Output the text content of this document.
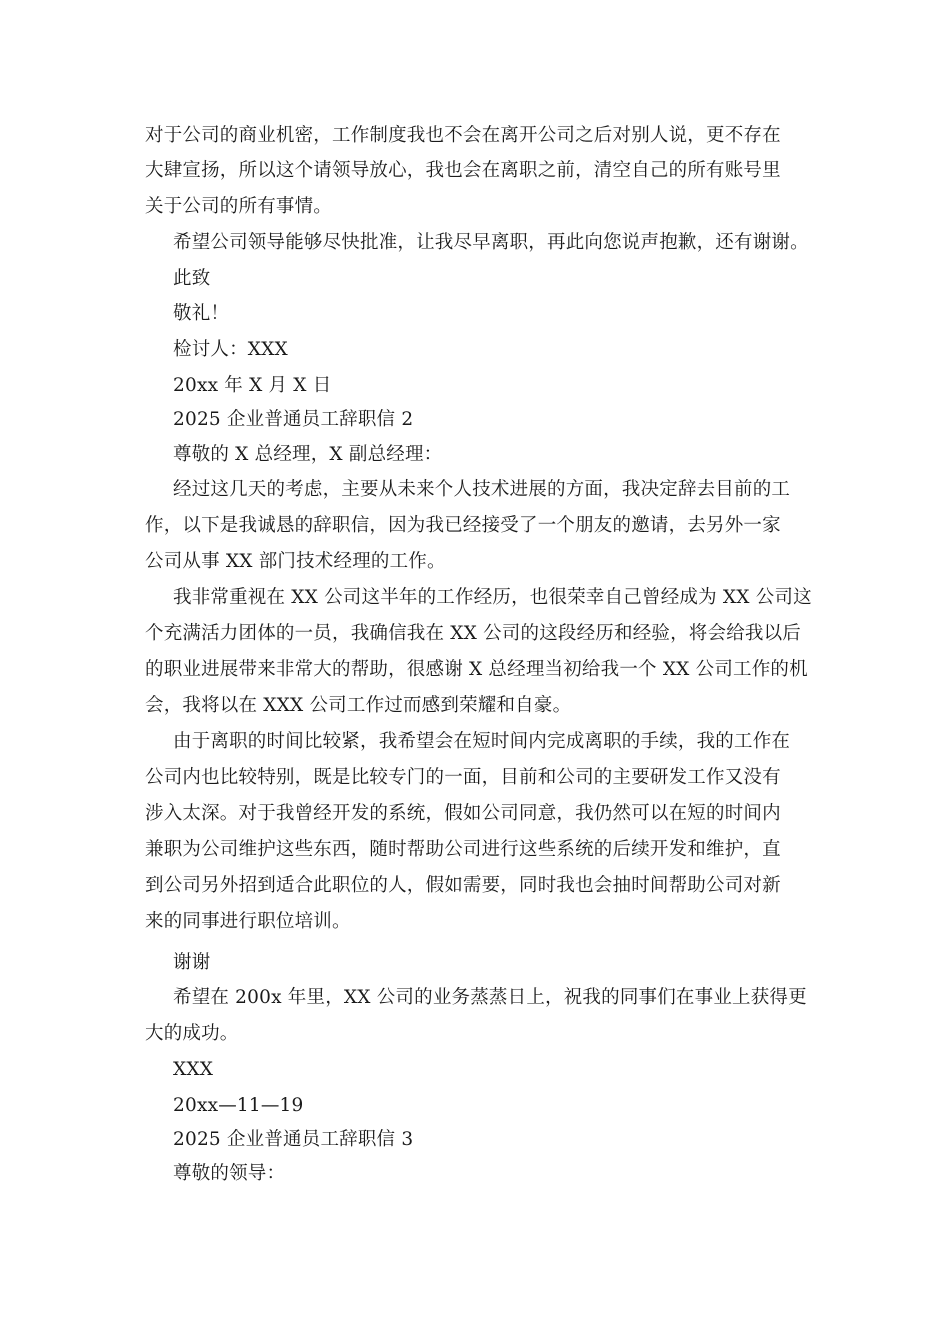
对于公司的商业机密，工作制度我也不会在离开公司之后对别人说，更不存在
大肆宣扬，所以这个请领导放心，我也会在离职之前，清空自己的所有账号里
关于公司的所有事情。
希望公司领导能够尽快批准，让我尽早离职，再此向您说声抱歉，还有谢谢。
此致
敬礼！
检讨人：XXX
20xx 年 X 月 X 日
2025 企业普通员工辞职信 2
尊敬的 X 总经理，X 副总经理：
经过这几天的考虑，主要从未来个人技术进展的方面，我决定辞去目前的工
作，以下是我诚恳的辞职信，因为我已经接受了一个朋友的邀请，去另外一家
公司从事 XX 部门技术经理的工作。
我非常重视在 XX 公司这半年的工作经历，也很荣幸自己曾经成为 XX 公司这
个充满活力团体的一员，我确信我在 XX 公司的这段经历和经验，将会给我以后
的职业进展带来非常大的帮助，很感谢 X 总经理当初给我一个 XX 公司工作的机
会，我将以在 XXX 公司工作过而感到荣耀和自豪。
由于离职的时间比较紧，我希望会在短时间内完成离职的手续，我的工作在
公司内也比较特别，既是比较专门的一面，目前和公司的主要研发工作又没有
涉入太深。对于我曾经开发的系统，假如公司同意，我仍然可以在短的时间内
兼职为公司维护这些东西，随时帮助公司进行这些系统的后续开发和维护，直
到公司另外招到适合此职位的人，假如需要，同时我也会抽时间帮助公司对新
来的同事进行职位培训。
谢谢
希望在 200x 年里，XX 公司的业务蒸蒸日上，祝我的同事们在事业上获得更
大的成功。
XXX
20xx—11—19
2025 企业普通员工辞职信 3
尊敬的领导：
